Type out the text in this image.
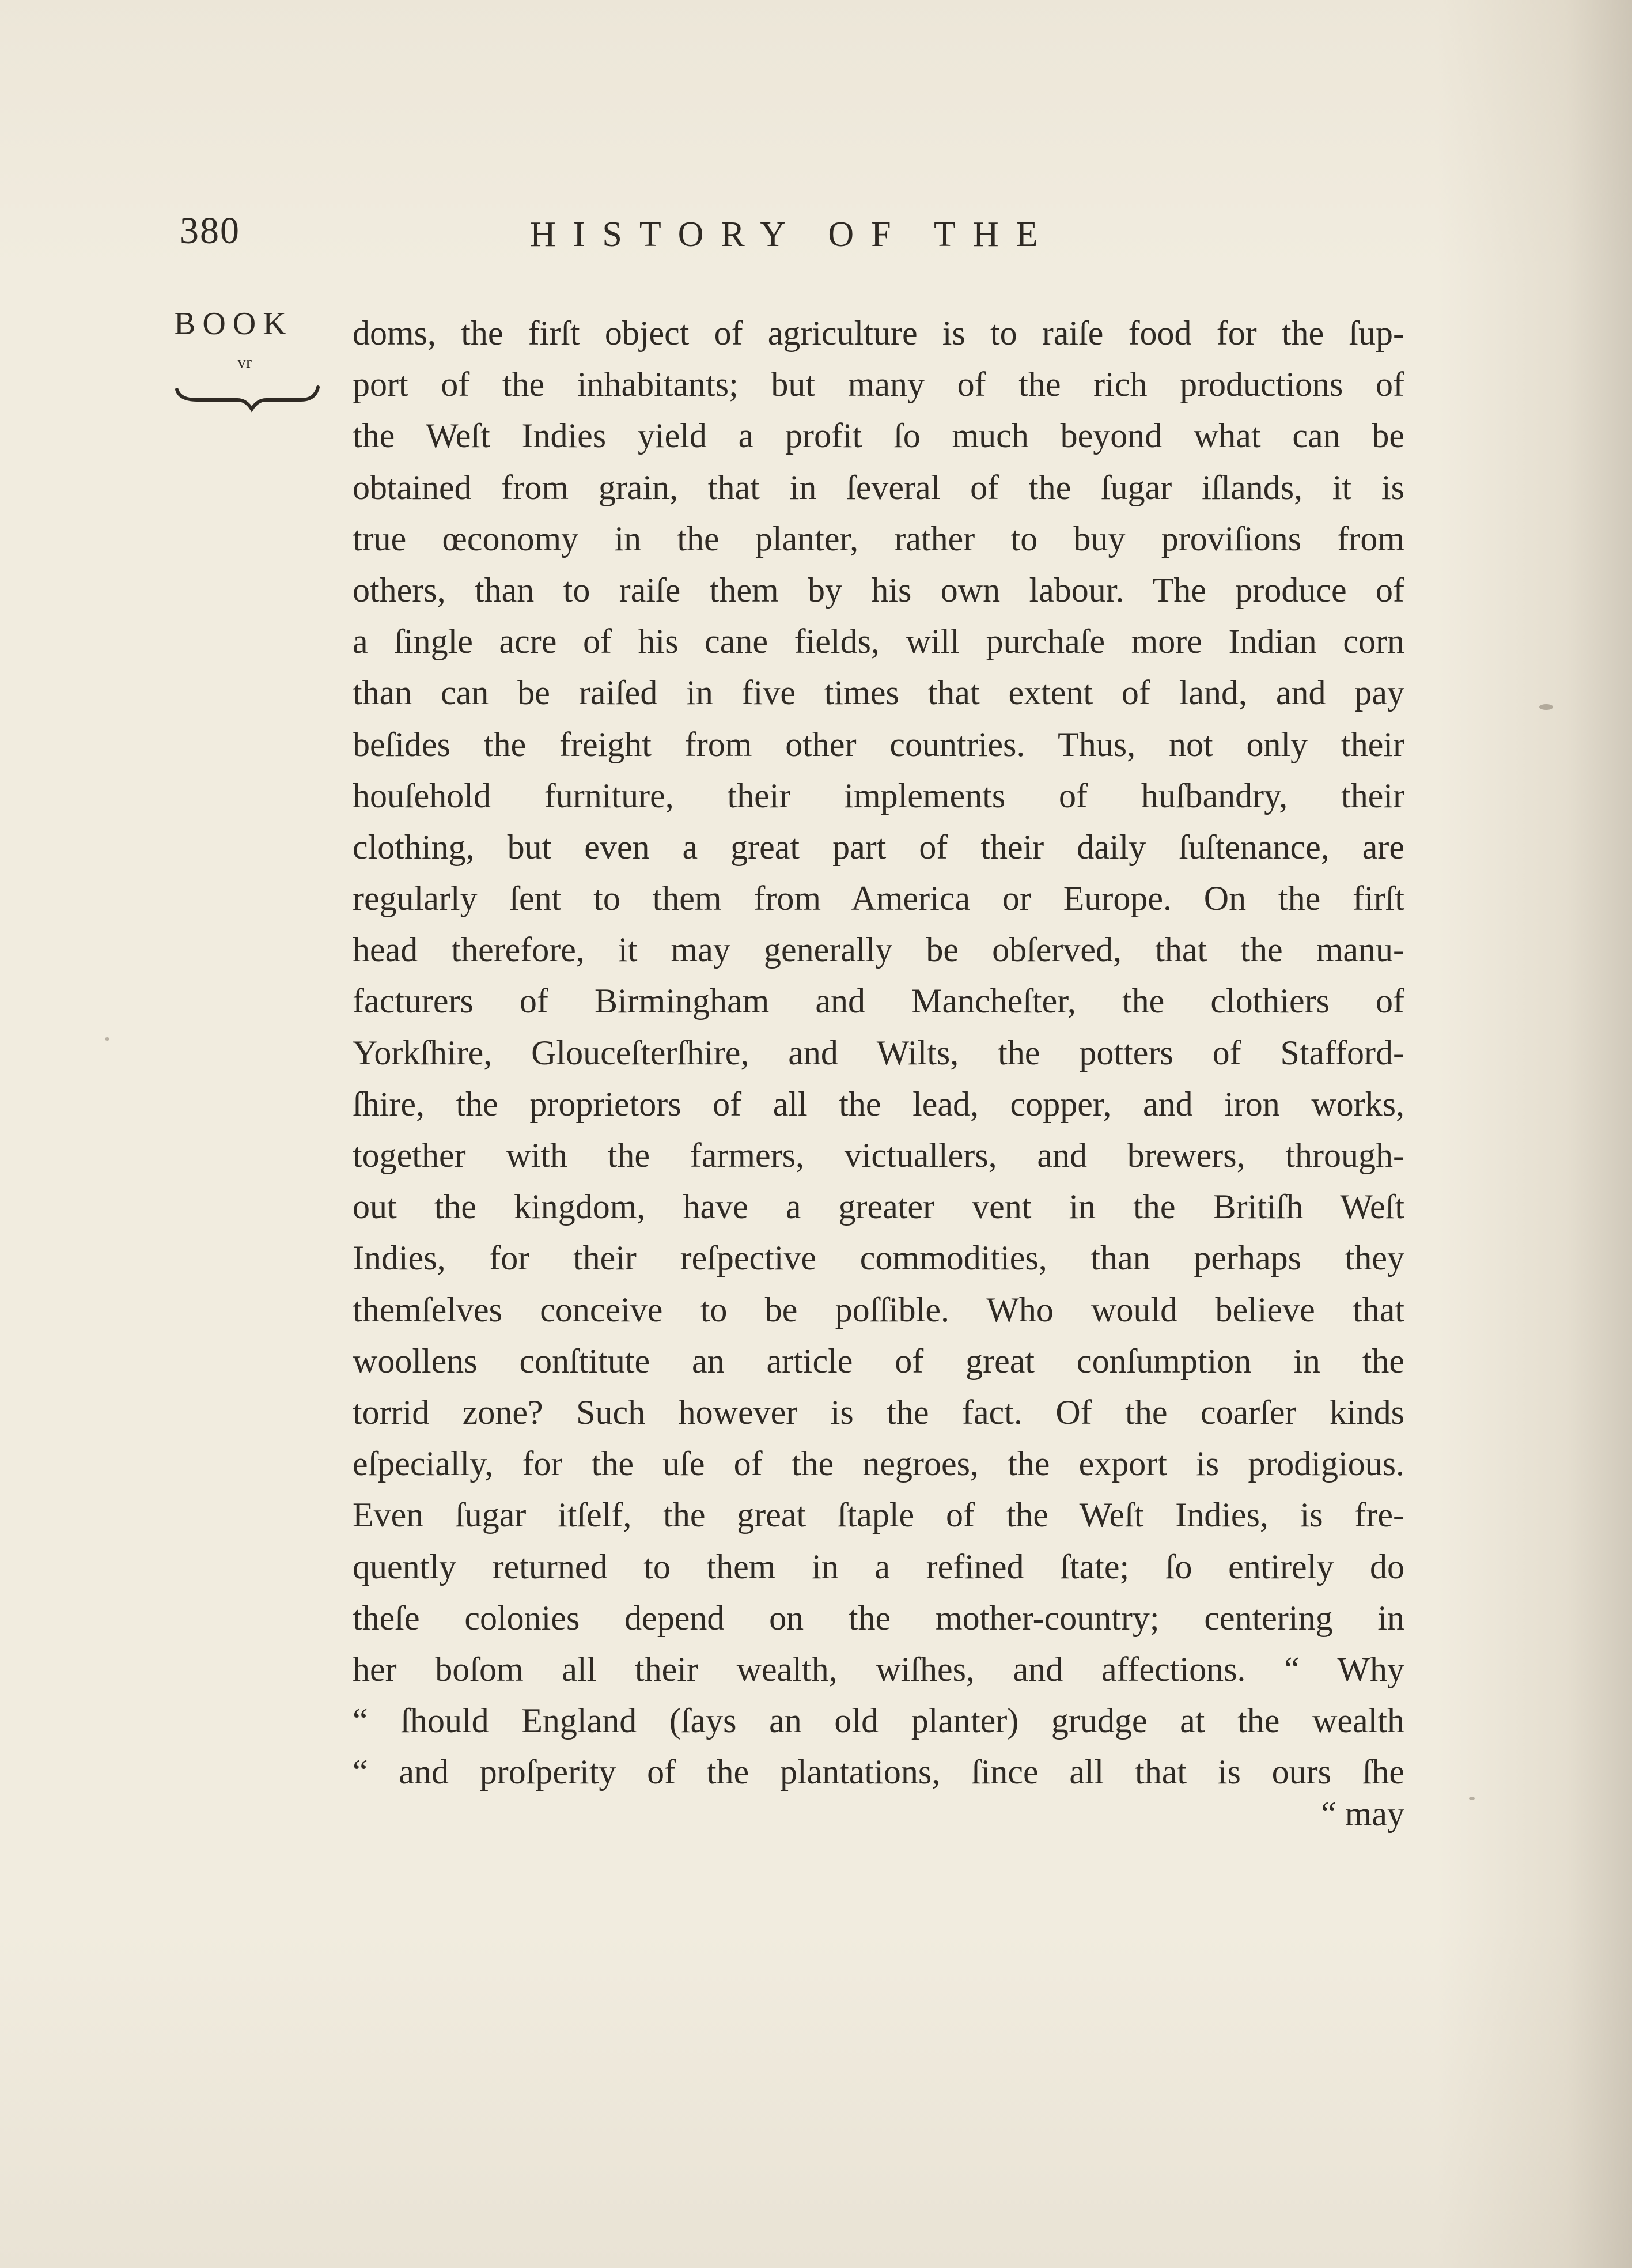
380	HISTORY OF THE
BOOK
vr
doms, the firſt object of agriculture is to raiſe food for the ſup-
port of the inhabitants; but many of the rich productions of
the Weſt Indies yield a profit ſo much beyond what can be
obtained from grain, that in ſeveral of the ſugar iſlands, it is
true œconomy in the planter, rather to buy proviſions from
others, than to raiſe them by his own labour. The produce of
a ſingle acre of his cane fields, will purchaſe more Indian corn
than can be raiſed in five times that extent of land, and pay
beſides the freight from other countries. Thus, not only their
houſehold furniture, their implements of huſbandry, their
clothing, but even a great part of their daily ſuſtenance, are
regularly ſent to them from America or Europe. On the firſt
head therefore, it may generally be obſerved, that the manu-
facturers of Birmingham and Mancheſter, the clothiers of
Yorkſhire, Glouceſterſhire, and Wilts, the potters of Stafford-
ſhire, the proprietors of all the lead, copper, and iron works,
together with the farmers, victuallers, and brewers, through-
out the kingdom, have a greater vent in the Britiſh Weſt
Indies, for their reſpective commodities, than perhaps they
themſelves conceive to be poſſible. Who would believe that
woollens conſtitute an article of great conſumption in the
torrid zone? Such however is the fact. Of the coarſer kinds
eſpecially, for the uſe of the negroes, the export is prodigious.
Even ſugar itſelf, the great ſtaple of the Weſt Indies, is fre-
quently returned to them in a refined ſtate; ſo entirely do
theſe colonies depend on the mother-country; centering in
her boſom all their wealth, wiſhes, and affections. “ Why
“ ſhould England (ſays an old planter) grudge at the wealth
“ and proſperity of the plantations, ſince all that is ours ſhe
“ may
